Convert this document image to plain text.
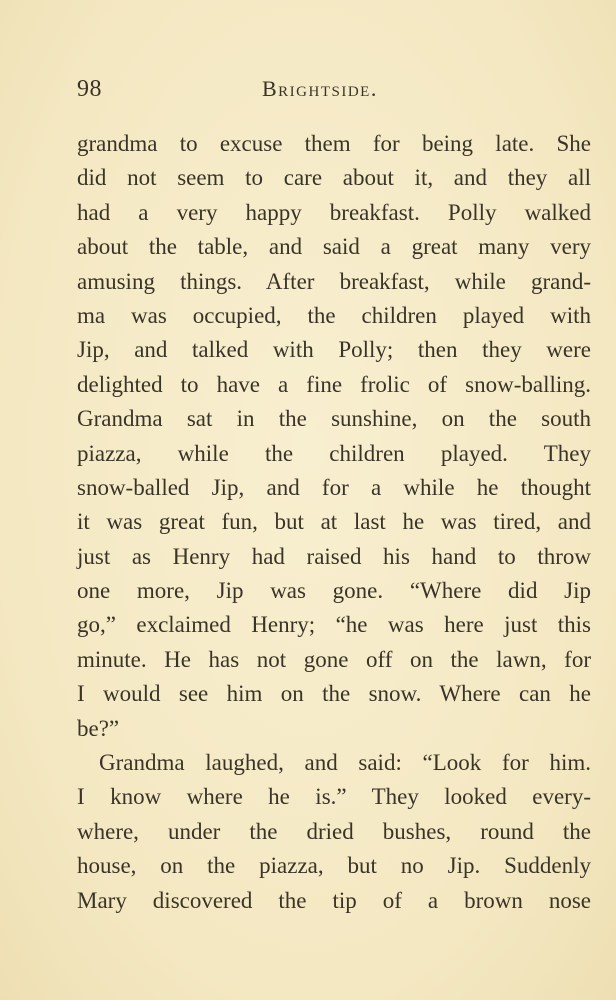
98	Brightside.
grandma to excuse them for being late. She
did not seem to care about it, and they all
had a very happy breakfast. Polly walked
about the table, and said a great many very
amusing things. After breakfast, while grand-
ma was occupied, the children played with
Jip, and talked with Polly; then they were
delighted to have a fine frolic of snow-balling.
Grandma sat in the sunshine, on the south
piazza, while the children played. They
snow-balled Jip, and for a while he thought
it was great fun, but at last he was tired, and
just as Henry had raised his hand to throw
one more, Jip was gone. “Where did Jip
go,” exclaimed Henry; “he was here just this
minute. He has not gone off on the lawn, for
I would see him on the snow. Where can he
be?”
Grandma laughed, and said: “Look for him.
I know where he is.” They looked every-
where, under the dried bushes, round the
house, on the piazza, but no Jip. Suddenly
Mary discovered the tip of a brown nose
